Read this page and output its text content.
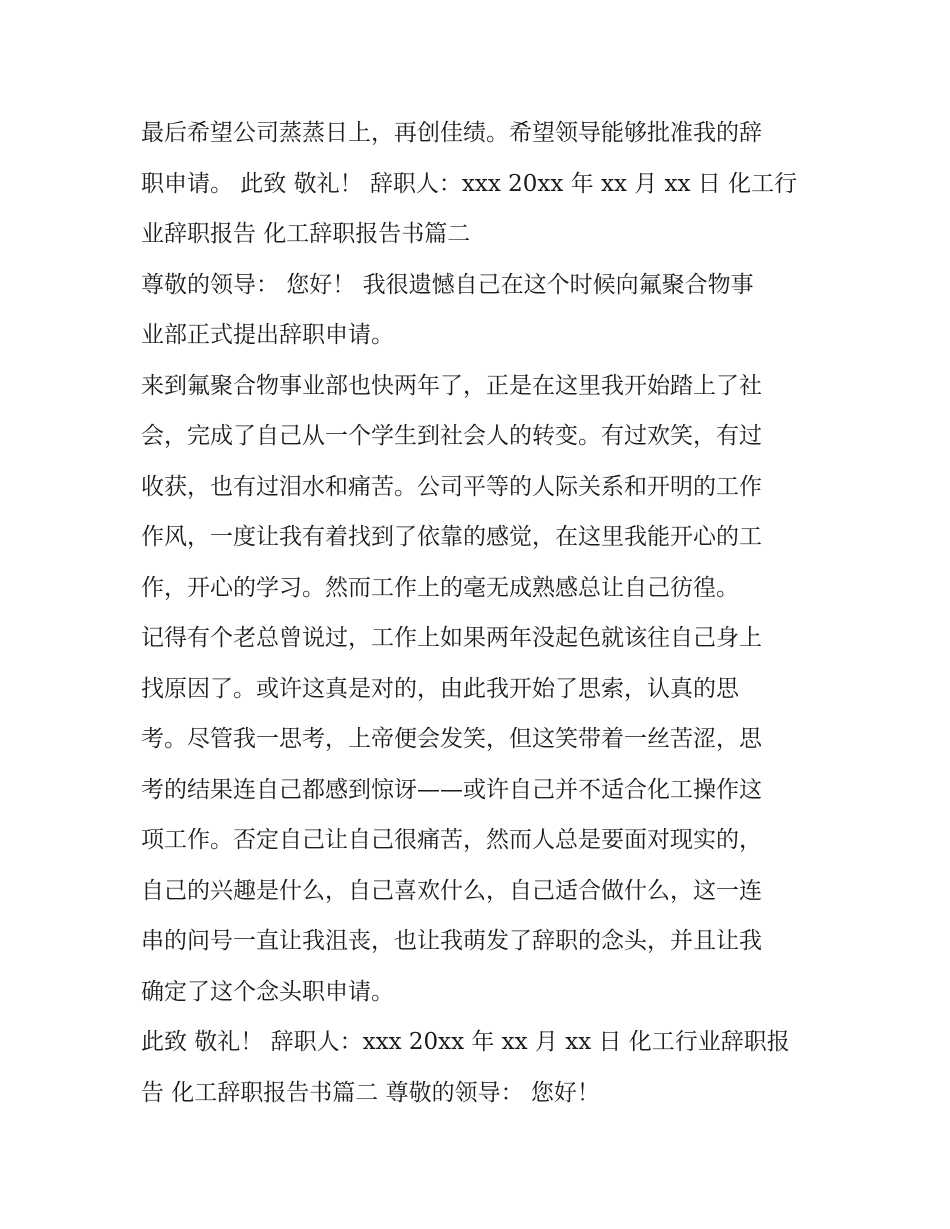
最后希望公司蒸蒸日上，再创佳绩。希望领导能够批准我的辞
职申请。 此致 敬礼！ 辞职人：xxx 20xx 年 xx 月 xx 日 化工行
业辞职报告 化工辞职报告书篇二
尊敬的领导： 您好！ 我很遗憾自己在这个时候向氟聚合物事
业部正式提出辞职申请。
来到氟聚合物事业部也快两年了，正是在这里我开始踏上了社
会，完成了自己从一个学生到社会人的转变。有过欢笑，有过
收获，也有过泪水和痛苦。公司平等的人际关系和开明的工作
作风，一度让我有着找到了依靠的感觉，在这里我能开心的工
作，开心的学习。然而工作上的毫无成熟感总让自己彷徨。
记得有个老总曾说过，工作上如果两年没起色就该往自己身上
找原因了。或许这真是对的，由此我开始了思索，认真的思
考。尽管我一思考，上帝便会发笑，但这笑带着一丝苦涩，思
考的结果连自己都感到惊讶——或许自己并不适合化工操作这
项工作。否定自己让自己很痛苦，然而人总是要面对现实的，
自己的兴趣是什么，自己喜欢什么，自己适合做什么，这一连
串的问号一直让我沮丧，也让我萌发了辞职的念头，并且让我
确定了这个念头职申请。
此致 敬礼！ 辞职人：xxx 20xx 年 xx 月 xx 日 化工行业辞职报
告 化工辞职报告书篇二 尊敬的领导： 您好！
